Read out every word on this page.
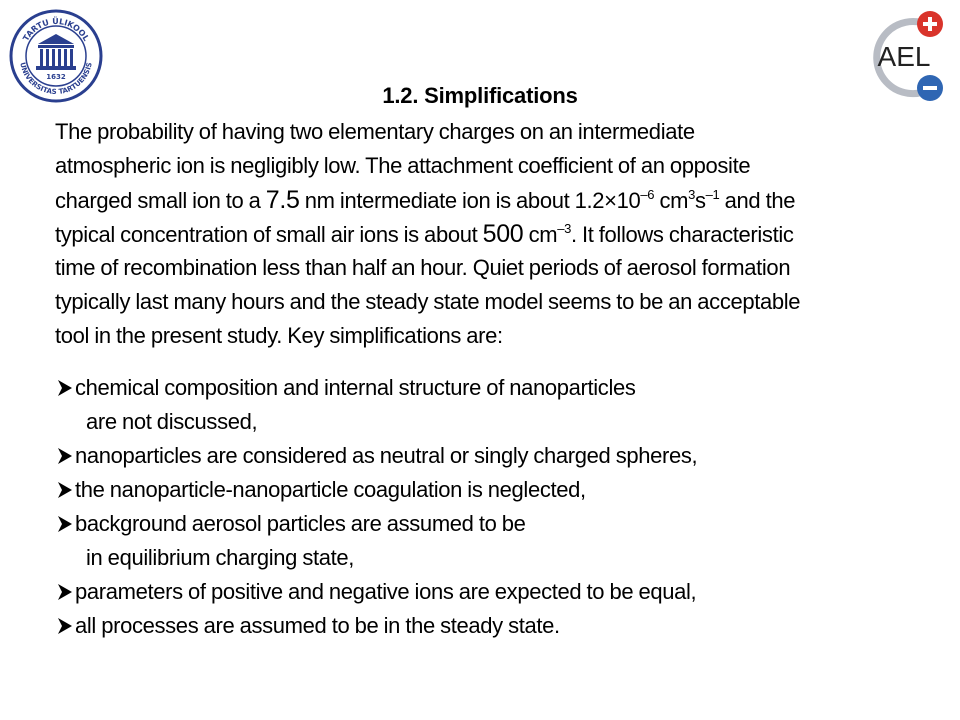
TARTU ÜLIKOOL
UNIVERSITAS TARTUENSIS
1632
AEL
1.2. Simplifications
The probability of having two elementary charges on an intermediate
atmospheric ion is negligibly low. The attachment coefficient of an opposite
charged small ion to a 7.5 nm intermediate ion is about $1.2\times 10^{-6}$ $cm^3s^{-1}$ and the
typical concentration of small air ions is about 500 $cm^{-3}$. It follows characteristic
time of recombination less than half an hour. Quiet periods of aerosol formation
typically last many hours and the steady state model seems to be an acceptable
tool in the present study. Key simplifications are:
chemical composition and internal structure of nanoparticles
are not discussed,
nanoparticles are considered as neutral or singly charged spheres,
the nanoparticle-nanoparticle coagulation is neglected,
background aerosol particles are assumed to be
in equilibrium charging state,
parameters of positive and negative ions are expected to be equal,
all processes are assumed to be in the steady state.
